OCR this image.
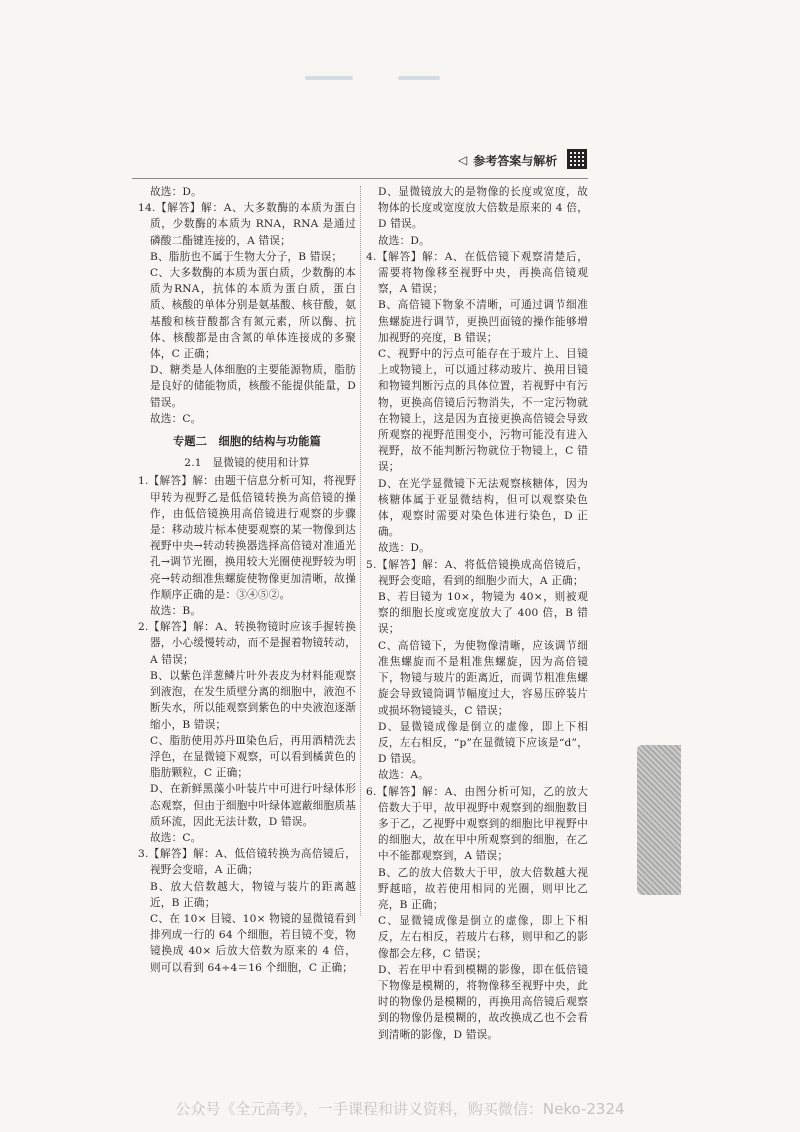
◁ 参考答案与解析

故选：D。

14.【解答】解：A、大多数酶的本质为蛋白质，少数酶的本质为 RNA，RNA 是通过磷酸二酯键连接的，A 错误；

B、脂肪也不属于生物大分子，B 错误；

C、大多数酶的本质为蛋白质，少数酶的本质为RNA，抗体的本质为蛋白质，蛋白质、核酸的单体分别是氨基酸、核苷酸，氨基酸和核苷酸都含有氮元素，所以酶、抗体、核酸都是由含氮的单体连接成的多聚体，C 正确；

D、糖类是人体细胞的主要能源物质，脂肪是良好的储能物质，核酸不能提供能量，D 错误。

故选：C。

专题二　细胞的结构与功能篇
2.1　显微镜的使用和计算

1.【解答】解：由题干信息分析可知，将视野甲转为视野乙是低倍镜转换为高倍镜的操作，由低倍镜换用高倍镜进行观察的步骤是：移动玻片标本使要观察的某一物像到达视野中央→转动转换器选择高倍镜对准通光孔→调节光圈，换用较大光圈使视野较为明亮→转动细准焦螺旋使物像更加清晰，故操作顺序正确的是：③④⑤②。

故选：B。

2.【解答】解：A、转换物镜时应该手握转换器，小心缓慢转动，而不是握着物镜转动，A 错误；

B、以紫色洋葱鳞片叶外表皮为材料能观察到液泡，在发生质壁分离的细胞中，液泡不断失水，所以能观察到紫色的中央液泡逐渐缩小，B 错误；

C、脂肪使用苏丹Ⅲ染色后，再用酒精洗去浮色，在显微镜下观察，可以看到橘黄色的脂肪颗粒，C 正确；

D、在新鲜黑藻小叶装片中可进行叶绿体形态观察，但由于细胞中叶绿体遮蔽细胞质基质环流，因此无法计数，D 错误。

故选：C。

3.【解答】解：A、低倍镜转换为高倍镜后，视野会变暗，A 正确；

B、放大倍数越大，物镜与装片的距离越近，B 正确；

C、在 10× 目镜、10× 物镜的显微镜看到排列成一行的 64 个细胞，若目镜不变，物镜换成 40× 后放大倍数为原来的 4 倍，则可以看到 64÷4＝16 个细胞，C 正确；

D、显微镜放大的是物像的长度或宽度，故物体的长度或宽度放大倍数是原来的 4 倍，D 错误。

故选：D。

4.【解答】解：A、在低倍镜下观察清楚后，需要将物像移至视野中央，再换高倍镜观察，A 错误；

B、高倍镜下物象不清晰，可通过调节细准焦螺旋进行调节，更换凹面镜的操作能够增加视野的亮度，B 错误；

C、视野中的污点可能存在于玻片上、目镜上或物镜上，可以通过移动玻片、换用目镜和物镜判断污点的具体位置，若视野中有污物，更换高倍镜后污物消失，不一定污物就在物镜上，这是因为直接更换高倍镜会导致所观察的视野范围变小，污物可能没有进入视野，故不能判断污物就位于物镜上，C 错误；

D、在光学显微镜下无法观察核糖体，因为核糖体属于亚显微结构，但可以观察染色体，观察时需要对染色体进行染色，D 正确。

故选：D。

5.【解答】解：A、将低倍镜换成高倍镜后，视野会变暗，看到的细胞少而大，A 正确；

B、若目镜为 10×，物镜为 40×，则被观察的细胞长度或宽度放大了 400 倍，B 错误；

C、高倍镜下，为使物像清晰，应该调节细准焦螺旋而不是粗准焦螺旋，因为高倍镜下，物镜与玻片的距离近，而调节粗准焦螺旋会导致镜筒调节幅度过大，容易压碎装片或损坏物镜镜头，C 错误；

D、显微镜成像是倒立的虚像，即上下相反，左右相反，“p”在显微镜下应该是“d”，D 错误。

故选：A。

6.【解答】解：A、由图分析可知，乙的放大倍数大于甲，故甲视野中观察到的细胞数目多于乙，乙视野中观察到的细胞比甲视野中的细胞大，故在甲中所观察到的细胞，在乙中不能都观察到，A 错误；

B、乙的放大倍数大于甲，放大倍数越大视野越暗，故若使用相同的光圈，则甲比乙亮，B 正确；

C、显微镜成像是倒立的虚像，即上下相反，左右相反，若玻片右移，则甲和乙的影像都会左移，C 错误；

D、若在甲中看到模糊的影像，即在低倍镜下物像是模糊的，将物像移至视野中央，此时的物像仍是模糊的，再换用高倍镜后观察到的物像仍是模糊的，故改换成乙也不会看到清晰的影像，D 错误。

公众号《全元高考》，一手课程和讲义资料，购买微信：Neko-2324
